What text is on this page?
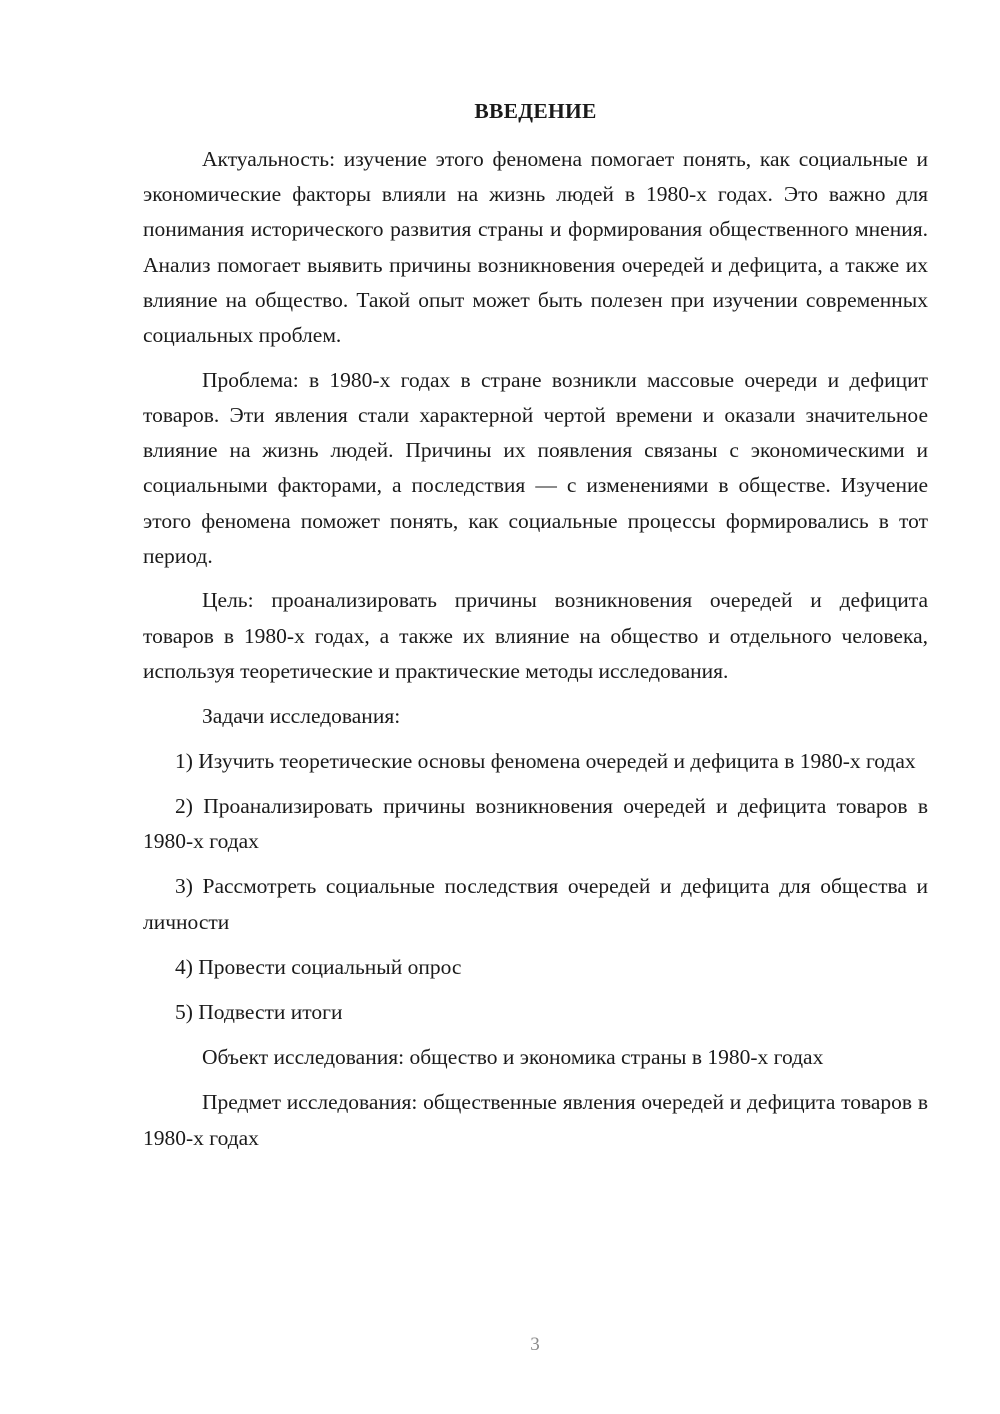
ВВЕДЕНИЕ

Актуальность: изучение этого феномена помогает понять, как социальные и экономические факторы влияли на жизнь людей в 1980-х годах. Это важно для понимания исторического развития страны и формирования общественного мнения. Анализ помогает выявить причины возникновения очередей и дефицита, а также их влияние на общество. Такой опыт может быть полезен при изучении современных социальных проблем.

Проблема: в 1980-х годах в стране возникли массовые очереди и дефицит товаров. Эти явления стали характерной чертой времени и оказали значительное влияние на жизнь людей. Причины их появления связаны с экономическими и социальными факторами, а последствия — с изменениями в обществе. Изучение этого феномена поможет понять, как социальные процессы формировались в тот период.

Цель: проанализировать причины возникновения очередей и дефицита товаров в 1980-х годах, а также их влияние на общество и отдельного человека, используя теоретические и практические методы исследования.

Задачи исследования:

1) Изучить теоретические основы феномена очередей и дефицита в 1980-х годах

2) Проанализировать причины возникновения очередей и дефицита товаров в 1980-х годах

3) Рассмотреть социальные последствия очередей и дефицита для общества и личности

4) Провести социальный опрос

5) Подвести итоги

Объект исследования: общество и экономика страны в 1980-х годах

Предмет исследования: общественные явления очередей и дефицита товаров в 1980-х годах

3
